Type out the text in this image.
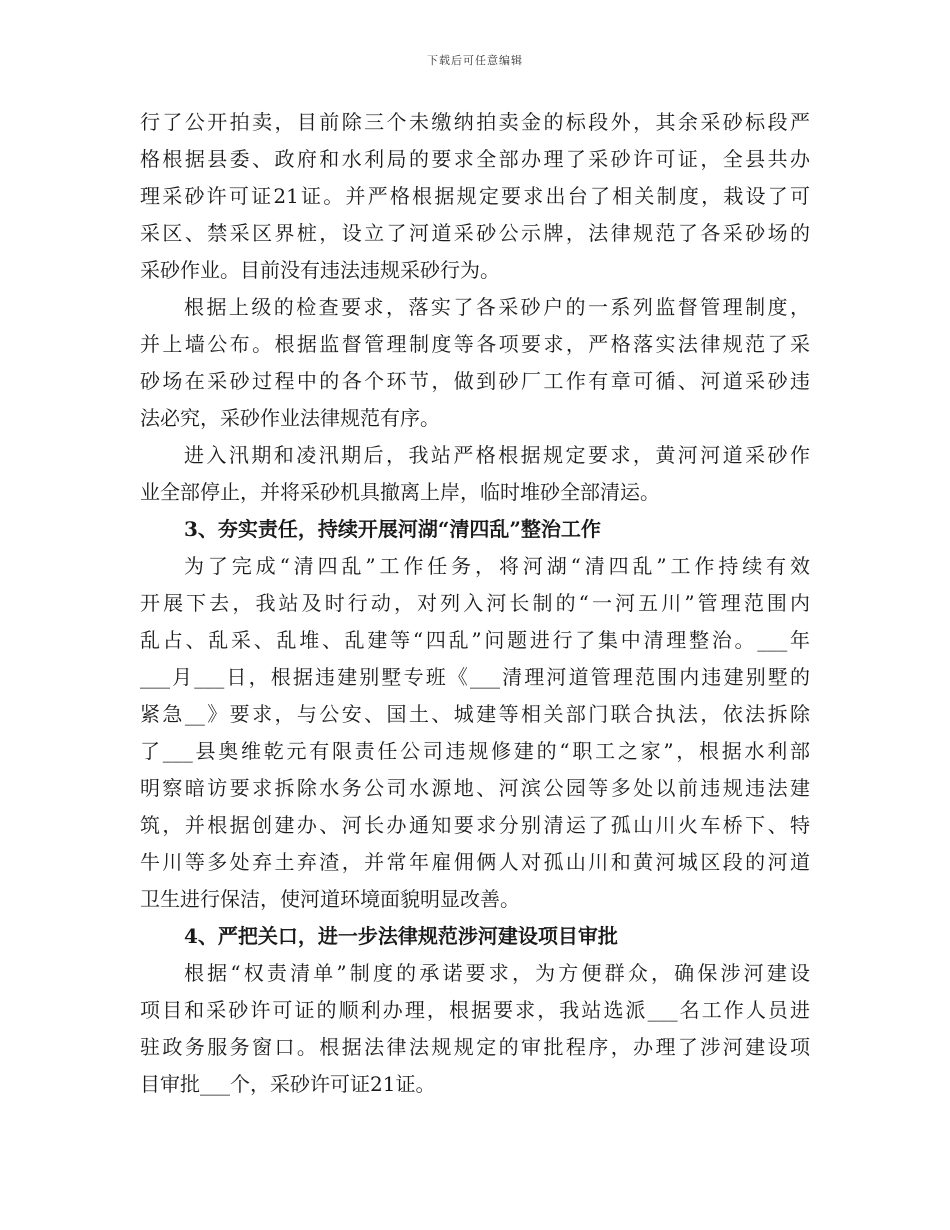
下载后可任意编辑
行了公开拍卖，目前除三个未缴纳拍卖金的标段外，其余采砂标段严
格根据县委、政府和水利局的要求全部办理了采砂许可证，全县共办
理采砂许可证21证。并严格根据规定要求出台了相关制度，栽设了可
采区、禁采区界桩，设立了河道采砂公示牌，法律规范了各采砂场的
采砂作业。目前没有违法违规采砂行为。
根据上级的检查要求，落实了各采砂户的一系列监督管理制度，
并上墙公布。根据监督管理制度等各项要求，严格落实法律规范了采
砂场在采砂过程中的各个环节，做到砂厂工作有章可循、河道采砂违
法必究，采砂作业法律规范有序。
进入汛期和凌汛期后，我站严格根据规定要求，黄河河道采砂作
业全部停止，并将采砂机具撤离上岸，临时堆砂全部清运。
3、夯实责任，持续开展河湖“清四乱”整治工作
为了完成“清四乱”工作任务，将河湖“清四乱”工作持续有效
开展下去，我站及时行动，对列入河长制的“一河五川”管理范围内
乱占、乱采、乱堆、乱建等“四乱”问题进行了集中清理整治。___年
___月___日，根据违建别墅专班《___清理河道管理范围内违建别墅的
紧急__》要求，与公安、国土、城建等相关部门联合执法，依法拆除
了___县奥维乾元有限责任公司违规修建的“职工之家”，根据水利部
明察暗访要求拆除水务公司水源地、河滨公园等多处以前违规违法建
筑，并根据创建办、河长办通知要求分别清运了孤山川火车桥下、特
牛川等多处弃土弃渣，并常年雇佣俩人对孤山川和黄河城区段的河道
卫生进行保洁，使河道环境面貌明显改善。
4、严把关口，进一步法律规范涉河建设项目审批
根据“权责清单”制度的承诺要求，为方便群众，确保涉河建设
项目和采砂许可证的顺利办理，根据要求，我站选派___名工作人员进
驻政务服务窗口。根据法律法规规定的审批程序，办理了涉河建设项
目审批___个，采砂许可证21证。
